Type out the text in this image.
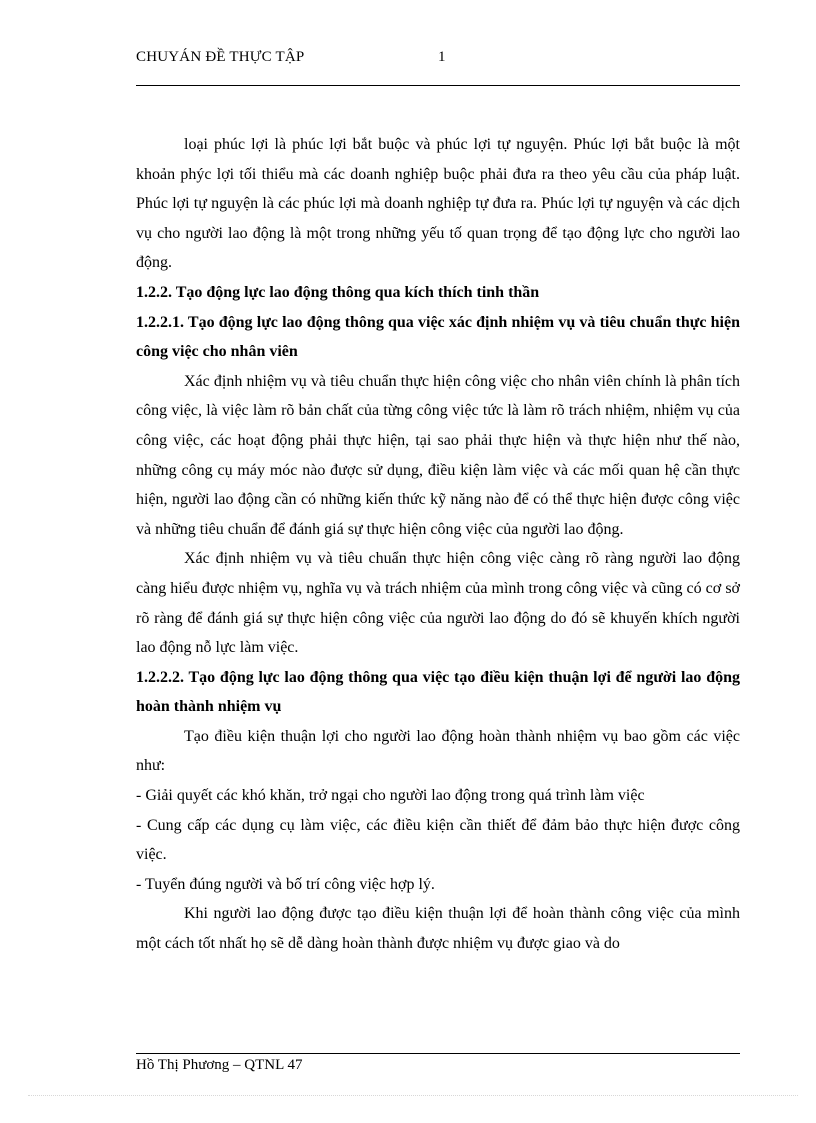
CHUYÁN ĐỀ THỰC TẬP	1

loại phúc lợi là phúc lợi bắt buộc và phúc lợi tự nguyện. Phúc lợi bắt buộc là một khoản phýc lợi tối thiểu mà các doanh nghiệp buộc phải đưa ra theo yêu cầu của pháp luật. Phúc lợi tự nguyện là các phúc lợi mà doanh nghiệp tự đưa ra. Phúc lợi tự nguyện và các dịch vụ cho người lao động là một trong những yếu tố quan trọng để tạo động lực cho người lao động.

1.2.2. Tạo động lực lao động thông qua kích thích tinh thần

1.2.2.1. Tạo động lực lao động thông qua việc xác định nhiệm vụ và tiêu chuẩn thực hiện công việc cho nhân viên

Xác định nhiệm vụ và tiêu chuẩn thực hiện công việc cho nhân viên chính là phân tích công việc, là việc làm rõ bản chất của từng công việc tức là làm rõ trách nhiệm, nhiệm vụ của công việc, các hoạt động phải thực hiện, tại sao phải thực hiện và thực hiện như thế nào, những công cụ máy móc nào được sử dụng, điều kiện làm việc và các mối quan hệ cần thực hiện, người lao động cần có những kiến thức kỹ năng nào để có thể thực hiện được công việc và những tiêu chuẩn để đánh giá sự thực hiện công việc của người lao động.

Xác định nhiệm vụ và tiêu chuẩn thực hiện công việc càng rõ ràng người lao động càng hiểu được nhiệm vụ, nghĩa vụ và trách nhiệm của mình trong công việc và cũng có cơ sở rõ ràng để đánh giá sự thực hiện công việc của người lao động do đó sẽ khuyến khích người lao động nỗ lực làm việc.

1.2.2.2. Tạo động lực lao động thông qua việc tạo điều kiện thuận lợi để người lao động hoàn thành nhiệm vụ

Tạo điều kiện thuận lợi cho người lao động hoàn thành nhiệm vụ bao gồm các việc như:

- Giải quyết các khó khăn, trở ngại cho người lao động trong quá trình làm việc

- Cung cấp các dụng cụ làm việc, các điều kiện cần thiết để đảm bảo thực hiện được công việc.

- Tuyển đúng người và bố trí công việc hợp lý.

Khi người lao động được tạo điều kiện thuận lợi để hoàn thành công việc của mình một cách tốt nhất họ sẽ dễ dàng hoàn thành được nhiệm vụ được giao và do

Hồ Thị Phương – QTNL 47
